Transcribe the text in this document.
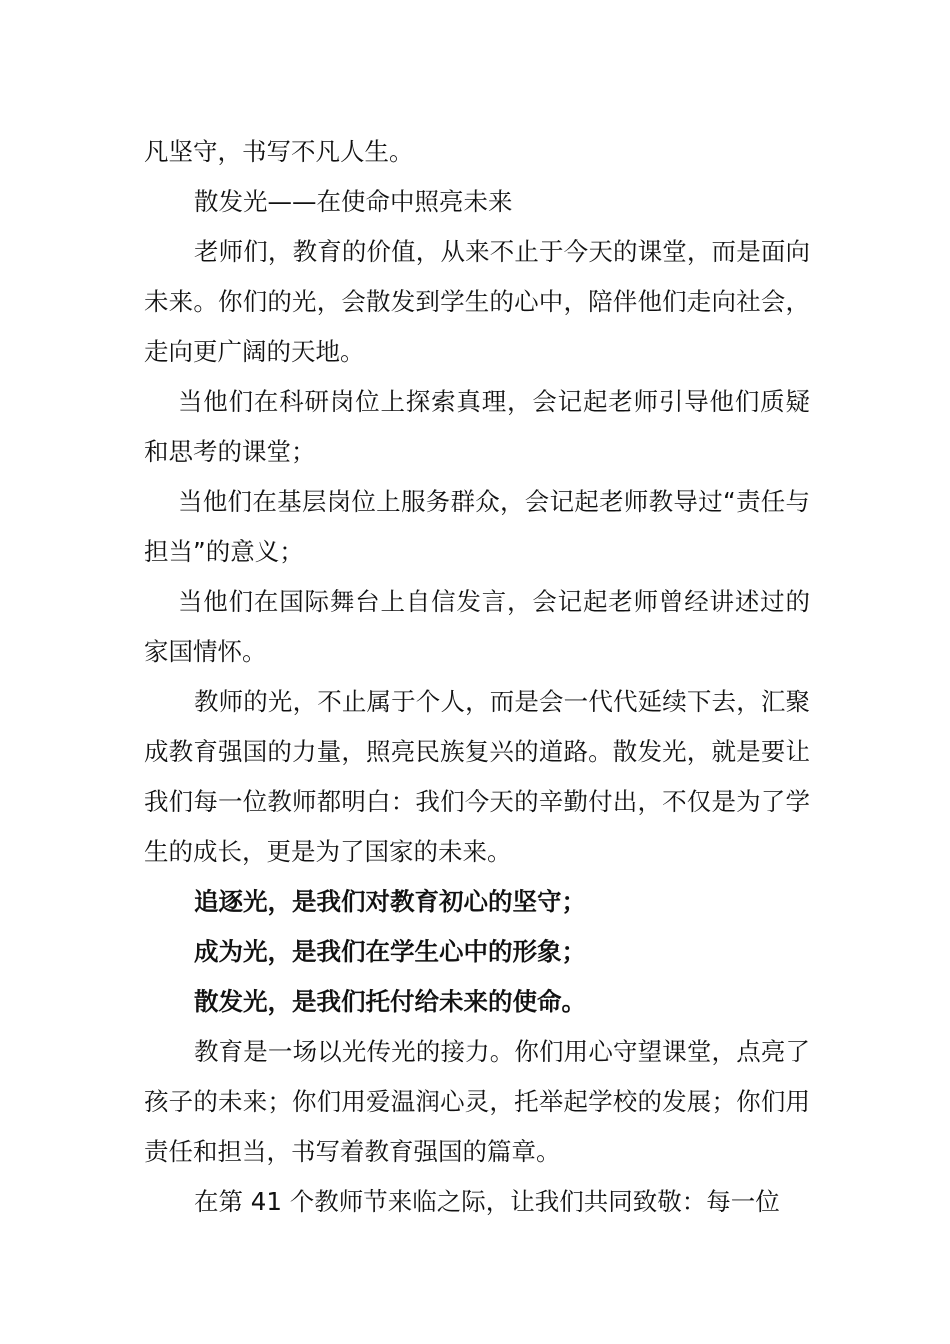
凡坚守，书写不凡人生。

散发光——在使命中照亮未来

老师们，教育的价值，从来不止于今天的课堂，而是面向未来。你们的光，会散发到学生的心中，陪伴他们走向社会，走向更广阔的天地。

当他们在科研岗位上探索真理，会记起老师引导他们质疑和思考的课堂；

当他们在基层岗位上服务群众，会记起老师教导过“责任与担当”的意义；

当他们在国际舞台上自信发言，会记起老师曾经讲述过的家国情怀。

教师的光，不止属于个人，而是会一代代延续下去，汇聚成教育强国的力量，照亮民族复兴的道路。散发光，就是要让我们每一位教师都明白：我们今天的辛勤付出，不仅是为了学生的成长，更是为了国家的未来。

追逐光，是我们对教育初心的坚守；

成为光，是我们在学生心中的形象；

散发光，是我们托付给未来的使命。

教育是一场以光传光的接力。你们用心守望课堂，点亮了孩子的未来；你们用爱温润心灵，托举起学校的发展；你们用责任和担当，书写着教育强国的篇章。

在第 41 个教师节来临之际，让我们共同致敬：每一位
